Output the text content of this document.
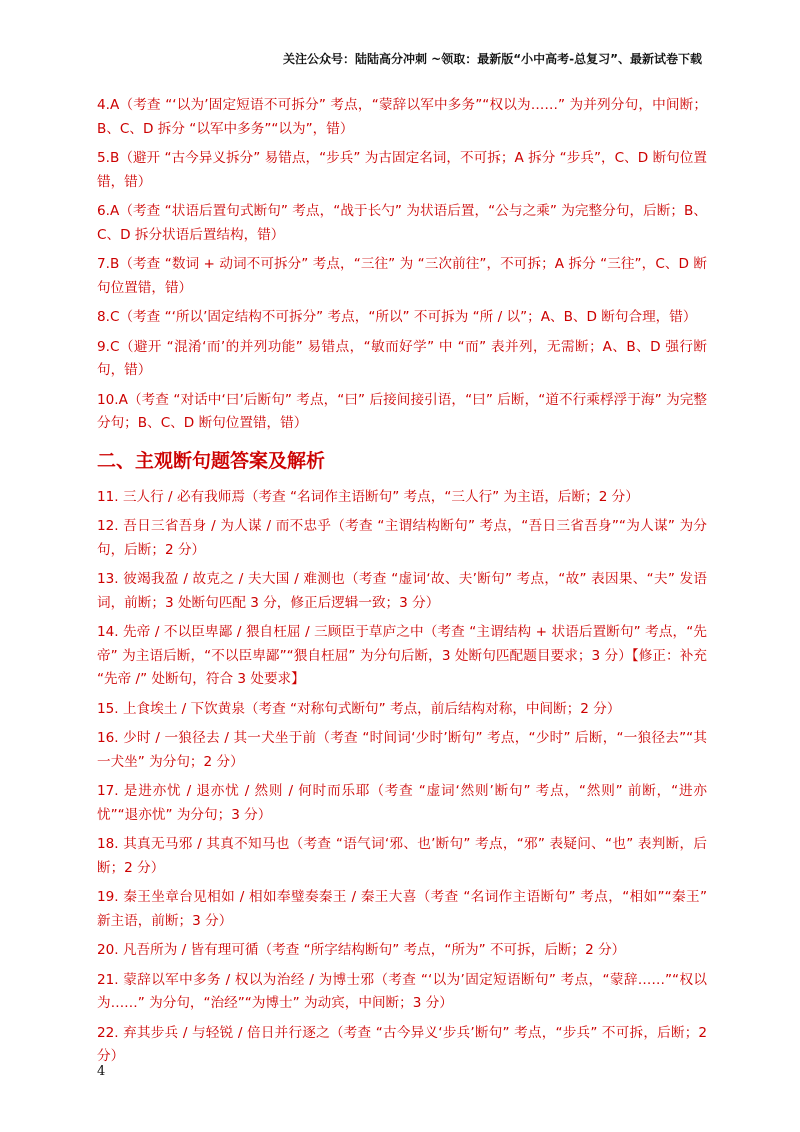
关注公众号：陆陆高分冲刺 ~领取：最新版“小中高考-总复习”、最新试卷下载

4.A（考查 “‘以为’固定短语不可拆分” 考点，“蒙辞以军中多务”“权以为……” 为并列分句，中间断；B、C、D 拆分 “以军中多务”“以为”，错）

5.B（避开 “古今异义拆分” 易错点，“步兵” 为古固定名词，不可拆；A 拆分 “步兵”，C、D 断句位置错，错）

6.A（考查 “状语后置句式断句” 考点，“战于长勺” 为状语后置，“公与之乘” 为完整分句，后断；B、C、D 拆分状语后置结构，错）

7.B（考查 “数词 + 动词不可拆分” 考点，“三往” 为 “三次前往”，不可拆；A 拆分 “三往”，C、D 断句位置错，错）

8.C（考查 “‘所以’固定结构不可拆分” 考点，“所以” 不可拆为 “所 / 以”；A、B、D 断句合理，错）

9.C（避开 “混淆‘而’的并列功能” 易错点，“敏而好学” 中 “而” 表并列，无需断；A、B、D 强行断句，错）

10.A（考查 “对话中‘曰’后断句” 考点，“曰” 后接间接引语，“曰” 后断，“道不行乘桴浮于海” 为完整分句；B、C、D 断句位置错，错）

二、主观断句题答案及解析

11. 三人行 / 必有我师焉（考查 “名词作主语断句” 考点，“三人行” 为主语，后断；2 分）

12. 吾日三省吾身 / 为人谋 / 而不忠乎（考查 “主谓结构断句” 考点，“吾日三省吾身”“为人谋” 为分句，后断；2 分）

13. 彼竭我盈 / 故克之 / 夫大国 / 难测也（考查 “虚词‘故、夫’断句” 考点，“故” 表因果、“夫” 发语词，前断；3 处断句匹配 3 分，修正后逻辑一致；3 分）

14. 先帝 / 不以臣卑鄙 / 猥自枉屈 / 三顾臣于草庐之中（考查 “主谓结构 + 状语后置断句” 考点，“先帝” 为主语后断，“不以臣卑鄙”“猥自枉屈” 为分句后断，3 处断句匹配题目要求；3 分）【修正：补充 “先帝 /” 处断句，符合 3 处要求】

15. 上食埃土 / 下饮黄泉（考查 “对称句式断句” 考点，前后结构对称，中间断；2 分）

16. 少时 / 一狼径去 / 其一犬坐于前（考查 “时间词‘少时’断句” 考点，“少时” 后断，“一狼径去”“其一犬坐” 为分句；2 分）

17. 是进亦忧 / 退亦忧 / 然则 / 何时而乐耶（考查 “虚词‘然则’断句” 考点，“然则” 前断，“进亦忧”“退亦忧” 为分句；3 分）

18. 其真无马邪 / 其真不知马也（考查 “语气词‘邪、也’断句” 考点，“邪” 表疑问、“也” 表判断，后断；2 分）

19. 秦王坐章台见相如 / 相如奉璧奏秦王 / 秦王大喜（考查 “名词作主语断句” 考点，“相如”“秦王” 新主语，前断；3 分）

20. 凡吾所为 / 皆有理可循（考查 “所字结构断句” 考点，“所为” 不可拆，后断；2 分）

21. 蒙辞以军中多务 / 权以为治经 / 为博士邪（考查 “‘以为’固定短语断句” 考点，“蒙辞……”“权以为……” 为分句，“治经”“为博士” 为动宾，中间断；3 分）

22. 弃其步兵 / 与轻锐 / 倍日并行逐之（考查 “古今异义‘步兵’断句” 考点，“步兵” 不可拆，后断；2 分）

4
